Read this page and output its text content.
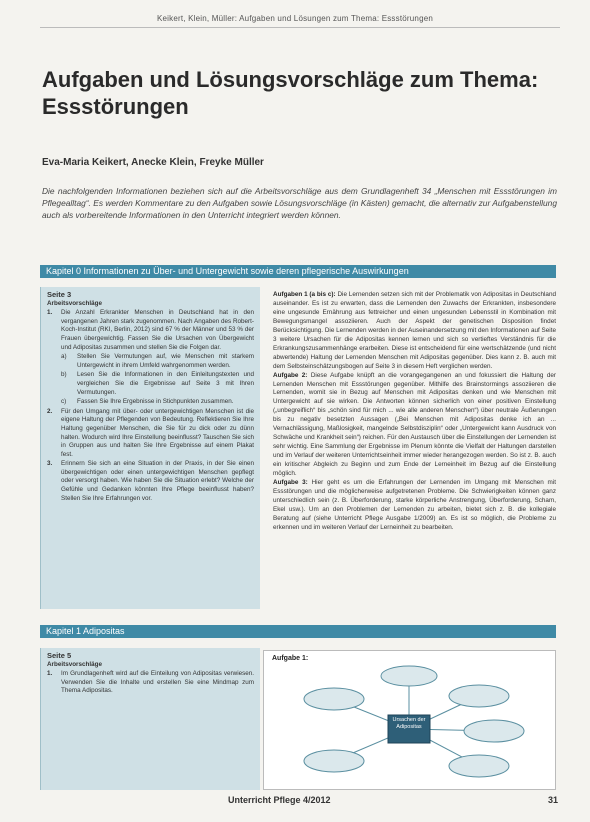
Keikert, Klein, Müller: Aufgaben und Lösungen zum Thema: Essstörungen
Aufgaben und Lösungsvorschläge zum Thema: Essstörungen
Eva-Maria Keikert, Anecke Klein, Freyke Müller

Die nachfolgenden Informationen beziehen sich auf die Arbeitsvorschläge aus dem Grundlagenheft 34 „Menschen mit Essstörungen im Pflegealltag“. Es werden Kommentare zu den Aufgaben sowie Lösungsvorschläge (in Kästen) gemacht, die alternativ zur Aufgabenstellung auch als vorbereitende Informationen in den Unterricht integriert werden können.

Kapitel 0 Informationen zu Über- und Untergewicht sowie deren pflegerische Auswirkungen
Seite 3
Arbeitsvorschläge
1.	Die Anzahl Erkrankter Menschen in Deutschland hat in den vergangenen Jahren stark zugenommen. Nach Angaben des Robert-Koch-Institut (RKI, Berlin, 2012) sind 67 % der Männer und 53 % der Frauen übergewichtig. Fassen Sie die Ursachen von Übergewicht und Adipositas zusammen und stellen Sie die Folgen dar.
a)	Stellen Sie Vermutungen auf, wie Menschen mit starkem Untergewicht in ihrem Umfeld wahrgenommen werden.
b)	Lesen Sie die Informationen in den Einleitungstexten und vergleichen Sie die Ergebnisse auf Seite 3 mit Ihren Vermutungen.
c)	Fassen Sie Ihre Ergebnisse in Stichpunkten zusammen.
2.	Für den Umgang mit über- oder untergewichtigen Menschen ist die eigene Haltung der Pflegenden von Bedeutung. Reflektieren Sie Ihre Haltung gegenüber Menschen, die Sie für zu dick oder zu dünn halten. Wodurch wird Ihre Einstellung beeinflusst? Tauschen Sie sich in Gruppen aus und halten Sie Ihre Ergebnisse auf einem Plakat fest.
3.	Erinnern Sie sich an eine Situation in der Praxis, in der Sie einen übergewichtigen oder einen untergewichtigen Menschen gepflegt oder versorgt haben. Wie haben Sie die Situation erlebt? Welche der Gefühle und Gedanken könnten Ihre Pflege beeinflusst haben? Stellen Sie Ihre Erfahrungen vor.

Aufgaben 1 (a bis c): Die Lernenden setzen sich mit der Problematik von Adipositas in Deutschland auseinander. Es ist zu erwarten, dass die Lernenden den Zuwachs der Erkrankten, insbesondere eine ungesunde Ernährung aus fettreicher und einen ungesunden Lebensstil in Kombination mit Bewegungsmangel assoziieren. Auch der Aspekt der genetischen Disposition findet Berücksichtigung. Die Lernenden werden in der Auseinandersetzung mit den Informationen auf Seite 3 weitere Ursachen für die Adipositas kennen lernen und sich so vertieftes Verständnis für die Erkrankungszusammenhänge erarbeiten. Diese ist entscheidend für eine wertschätzende (und nicht abwertende) Haltung der Lernenden Menschen mit Adipositas gegenüber. Dies kann z. B. auch mit dem Selbsteinschätzungsbogen auf Seite 3 in diesem Heft verglichen werden.

Aufgabe 2: Diese Aufgabe knüpft an die vorangegangenen an und fokussiert die Haltung der Lernenden Menschen mit Essstörungen gegenüber. Mithilfe des Brainstormings assoziieren die Lernenden, womit sie in Bezug auf Menschen mit Adipositas denken und wie Menschen mit Untergewicht auf sie wirken. Die Antworten können sicherlich von einer positiven Einstellung („unbegreiflich“ bis „schön sind für mich ... wie alle anderen Menschen“) über neutrale Äußerungen bis zu negativ besetzten Aussagen („Bei Menschen mit Adipositas denke ich an ... Vernachlässigung, Maßlosigkeit, mangelnde Selbstdisziplin“ oder „Untergewicht kann Ausdruck von Schwäche und Krankheit sein“) reichen. Für den Austausch über die Einstellungen der Lernenden ist sehr wichtig. Eine Sammlung der Ergebnisse im Plenum könnte die Vielfalt der Haltungen darstellen und im Verlauf der weiteren Unterrichtseinheit immer wieder herangezogen werden. So ist z. B. auch ein kritischer Abgleich zu Beginn und zum Ende der Lerneinheit im Bezug auf die Einstellung möglich.

Aufgabe 3: Hier geht es um die Erfahrungen der Lernenden im Umgang mit Menschen mit Essstörungen und die möglicherweise aufgetretenen Probleme. Die Schwierigkeiten können ganz unterschiedlich sein (z. B. Überforderung, starke körperliche Anstrengung, Überforderung, Scham, Ekel usw.). Um an den Problemen der Lernenden zu arbeiten, bietet sich z. B. die kollegiale Beratung auf (siehe Unterricht Pflege Ausgabe 1/2009) an. Es ist so möglich, die Probleme zu erkennen und im weiteren Verlauf der Lerneinheit zu bearbeiten.

Kapitel 1 Adipositas
Seite 5
Arbeitsvorschläge
1.	Im Grundlagenheft wird auf die Einteilung von Adipositas verwiesen. Verwenden Sie die Inhalte und erstellen Sie eine Mindmap zum Thema Adipositas.
Aufgabe 1:
Ursachen der Adipositas
Unterricht Pflege 4/2012	31
